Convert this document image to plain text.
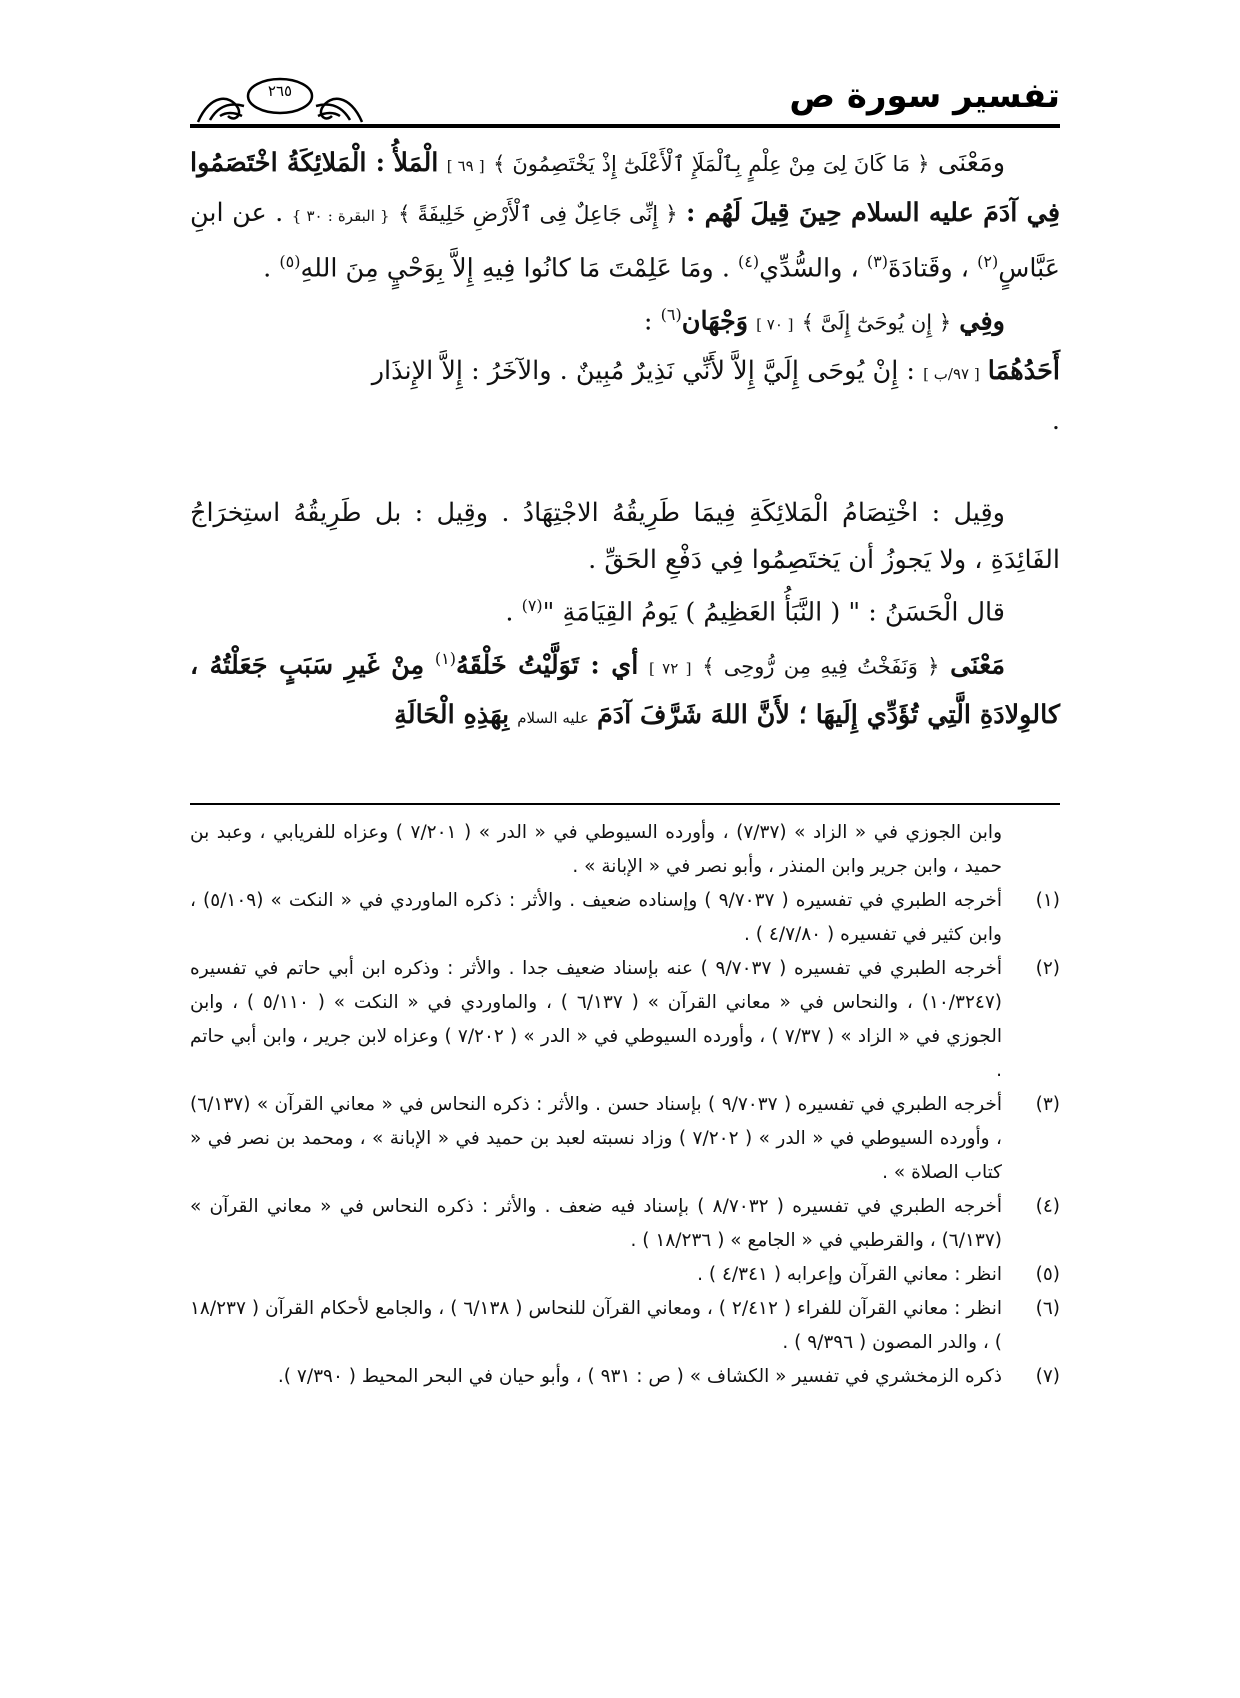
تفسير سورة ص
٢٦٥

ومَعْنَى ﴿ مَا كَانَ لِىَ مِنْ عِلْمٍ بِٱلْمَلَإِ ٱلْأَعْلَىٰٓ إِذْ يَخْتَصِمُونَ ﴾ [ ٦٩ ] الْمَلأُ : الْمَلائِكَةُ اخْتَصَمُوا فِي آدَمَ عليه السلام حِينَ قِيلَ لَهُم : ﴿ إِنِّى جَاعِلٌ فِى ٱلْأَرْضِ خَلِيفَةً ﴾ { البقرة : ٣٠ } . عن ابنِ عَبَّاسٍ$^{(٢)}$ ، وقَتادَةَ$^{(٣)}$ ، والسُّدِّي$^{(٤)}$ . ومَا عَلِمْتَ مَا كانُوا فِيهِ إِلاَّ بِوَحْيٍ مِنَ اللهِ$^{(٥)}$ .

وفِي ﴿ إِن يُوحَىٰٓ إِلَىَّ ﴾ [ ٧٠ ] وَجْهَان$^{(٦)}$ :

أَحَدُهُمَا [ ٩٧/ب ] : إِنْ يُوحَى إِلَيَّ إِلاَّ لأَنِّي نَذِيرٌ مُبِينٌ . والآخَرُ : إِلاَّ الإِنذَار

.

وقِيل : اخْتِصَامُ الْمَلائِكَةِ فِيمَا طَرِيقُهُ الاجْتِهَادُ . وقِيل : بل طَرِيقُهُ استِخرَاجُ الفَائِدَةِ ، ولا يَجوزُ أن يَختَصِمُوا فِي دَفْعِ الحَقِّ .

قال الْحَسَنُ : " ( النَّبَأُ العَظِيمُ ) يَومُ القِيَامَةِ "$^{(٧)}$ .

مَعْنَى ﴿ وَنَفَخْتُ فِيهِ مِن رُّوحِى ﴾ [ ٧٢ ] أي : تَوَلَّيْتُ خَلْقَهُ$^{(١)}$ مِنْ غَيرِ سَبَبٍ جَعَلْتُهُ ، كالوِلادَةِ الَّتِي تُؤَدِّي إِلَيهَا ؛ لأَنَّ اللهَ شَرَّفَ آدَمَ عليه السلام بِهَذِهِ الْحَالَةِ

وابن الجوزي في « الزاد » (٧/٣٧) ، وأورده السيوطي في « الدر » ( ٧/٢٠١ ) وعزاه للفريابي ، وعبد بن حميد ، وابن جرير وابن المنذر ، وأبو نصر في « الإبانة » .

(١)
أخرجه الطبري في تفسيره ( ٩/٧٠٣٧ ) وإسناده ضعيف . والأثر : ذكره الماوردي في « النكت » (٥/١٠٩) ، وابن كثير في تفسيره ( ٤/٧/٨٠ ) .
(٢)
أخرجه الطبري في تفسيره ( ٩/٧٠٣٧ ) عنه بإسناد ضعيف جدا . والأثر : وذكره ابن أبي حاتم في تفسيره (١٠/٣٢٤٧) ، والنحاس في « معاني القرآن » ( ٦/١٣٧ ) ، والماوردي في « النكت » ( ٥/١١٠ ) ، وابن الجوزي في « الزاد » ( ٧/٣٧ ) ، وأورده السيوطي في « الدر » ( ٧/٢٠٢ ) وعزاه لابن جرير ، وابن أبي حاتم .
(٣)
أخرجه الطبري في تفسيره ( ٩/٧٠٣٧ ) بإسناد حسن . والأثر : ذكره النحاس في « معاني القرآن » (٦/١٣٧) ، وأورده السيوطي في « الدر » ( ٧/٢٠٢ ) وزاد نسبته لعبد بن حميد في « الإبانة » ، ومحمد بن نصر في « كتاب الصلاة » .
(٤)
أخرجه الطبري في تفسيره ( ٨/٧٠٣٢ ) بإسناد فيه ضعف . والأثر : ذكره النحاس في « معاني القرآن » (٦/١٣٧) ، والقرطبي في « الجامع » ( ١٨/٢٣٦ ) .
(٥)
انظر : معاني القرآن وإعرابه ( ٤/٣٤١ ) .
(٦)
انظر : معاني القرآن للفراء ( ٢/٤١٢ ) ، ومعاني القرآن للنحاس ( ٦/١٣٨ ) ، والجامع لأحكام القرآن ( ١٨/٢٣٧ ) ، والدر المصون ( ٩/٣٩٦ ) .
(٧)
ذكره الزمخشري في تفسير « الكشاف » ( ص : ٩٣١ ) ، وأبو حيان في البحر المحيط ( ٧/٣٩٠ ).
